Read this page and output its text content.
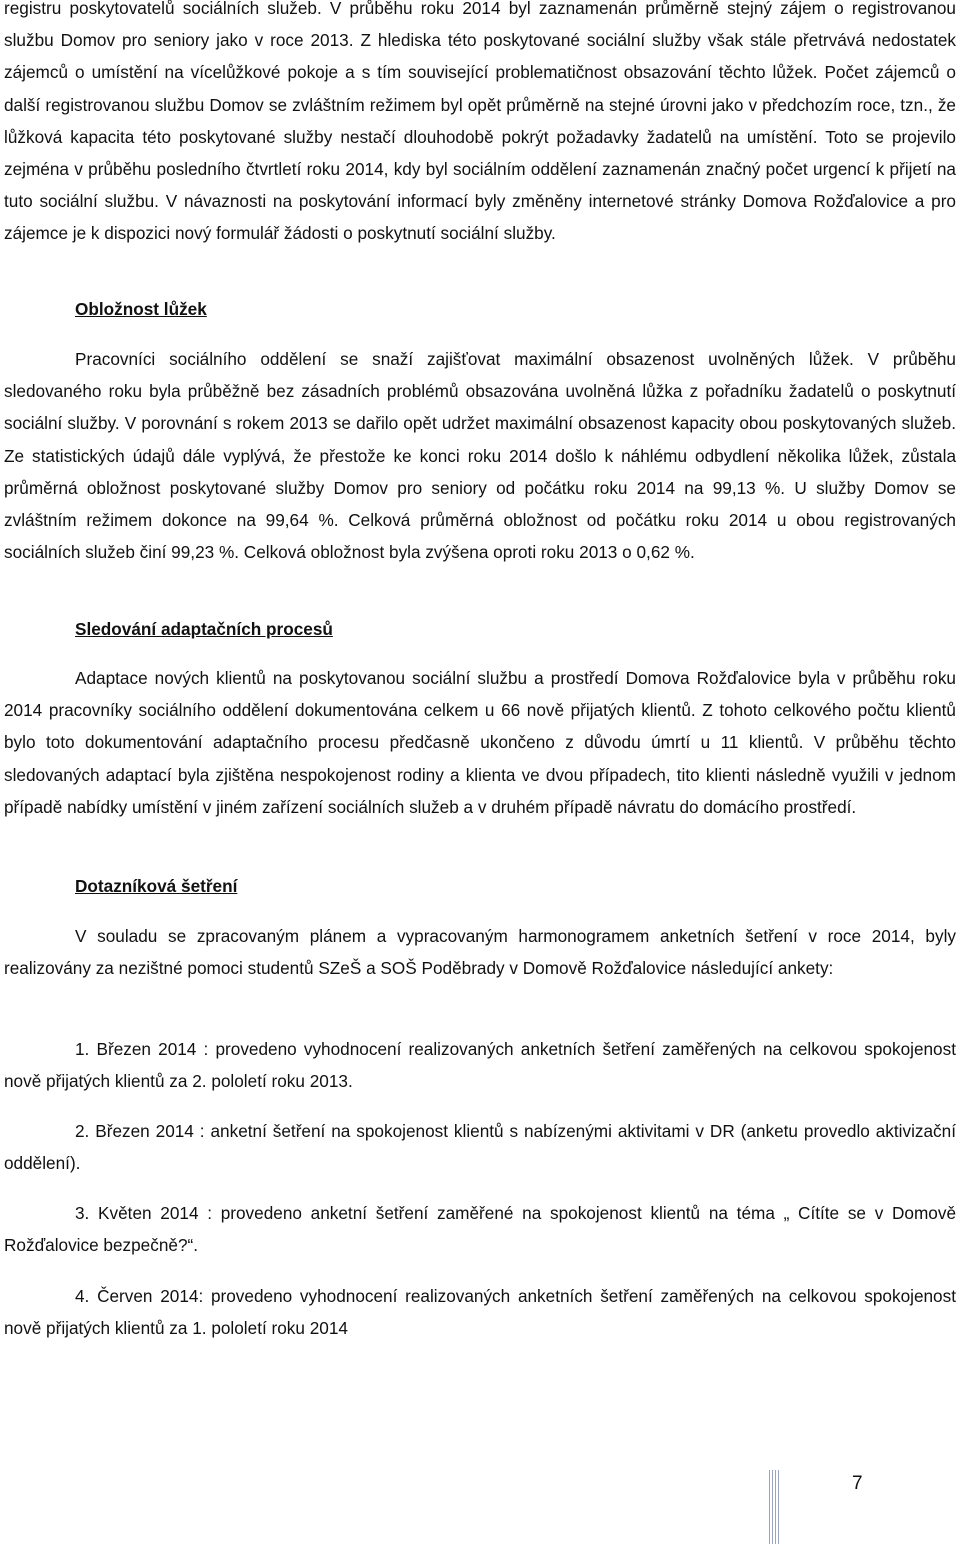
registru poskytovatelů sociálních služeb. V průběhu roku 2014 byl zaznamenán průměrně stejný zájem o registrovanou službu Domov pro seniory jako v roce 2013. Z hlediska této poskytované sociální služby však stále přetrvává nedostatek zájemců o umístění na vícelůžkové pokoje a s tím související problematičnost obsazování těchto lůžek. Počet zájemců o další registrovanou službu Domov se zvláštním režimem byl opět průměrně na stejné úrovni jako v předchozím roce, tzn., že lůžková kapacita této poskytované služby nestačí dlouhodobě pokrýt požadavky žadatelů na umístění. Toto se projevilo zejména v průběhu posledního čtvrtletí roku 2014, kdy byl sociálním oddělení zaznamenán značný počet urgencí k přijetí na tuto sociální službu. V návaznosti na poskytování informací byly změněny internetové stránky Domova Rožďalovice a pro zájemce je k dispozici nový formulář žádosti o poskytnutí sociální služby.

Obložnost lůžek

Pracovníci sociálního oddělení se snaží zajišťovat maximální obsazenost uvolněných lůžek. V průběhu sledovaného roku byla průběžně bez zásadních problémů obsazována uvolněná lůžka z pořadníku žadatelů o poskytnutí sociální služby. V porovnání s rokem 2013 se dařilo opět udržet maximální obsazenost kapacity obou poskytovaných služeb. Ze statistických údajů dále vyplývá, že přestože ke konci roku 2014 došlo k náhlému odbydlení několika lůžek, zůstala průměrná obložnost poskytované služby Domov pro seniory od počátku roku 2014 na 99,13 %. U služby Domov se zvláštním režimem dokonce na 99,64 %. Celková průměrná obložnost od počátku roku 2014 u obou registrovaných sociálních služeb činí 99,23 %. Celková obložnost byla zvýšena oproti roku 2013 o 0,62 %.

Sledování adaptačních procesů

Adaptace nových klientů na poskytovanou sociální službu a prostředí Domova Rožďalovice byla v průběhu roku 2014 pracovníky sociálního oddělení dokumentována celkem u 66 nově přijatých klientů. Z tohoto celkového počtu klientů bylo toto dokumentování adaptačního procesu předčasně ukončeno z důvodu úmrtí u 11 klientů. V průběhu těchto sledovaných adaptací byla zjištěna nespokojenost rodiny a klienta ve dvou případech, tito klienti následně využili v jednom případě nabídky umístění v jiném zařízení sociálních služeb a v druhém případě návratu do domácího prostředí.

Dotazníková šetření

V souladu se zpracovaným plánem a vypracovaným harmonogramem anketních šetření v roce 2014, byly realizovány za nezištné pomoci studentů SZeŠ a SOŠ Poděbrady v Domově Rožďalovice následující ankety:

1. Březen 2014 : provedeno vyhodnocení realizovaných anketních šetření zaměřených na celkovou spokojenost nově přijatých klientů za 2. pololetí roku 2013.

2. Březen 2014 : anketní šetření na spokojenost klientů s nabízenými aktivitami v DR (anketu provedlo aktivizační oddělení).

3. Květen 2014 : provedeno anketní šetření zaměřené na spokojenost klientů na téma „ Cítíte se v Domově Rožďalovice bezpečně?“.

4. Červen 2014: provedeno vyhodnocení realizovaných anketních šetření zaměřených na celkovou spokojenost nově přijatých klientů za 1. pololetí roku 2014

7
